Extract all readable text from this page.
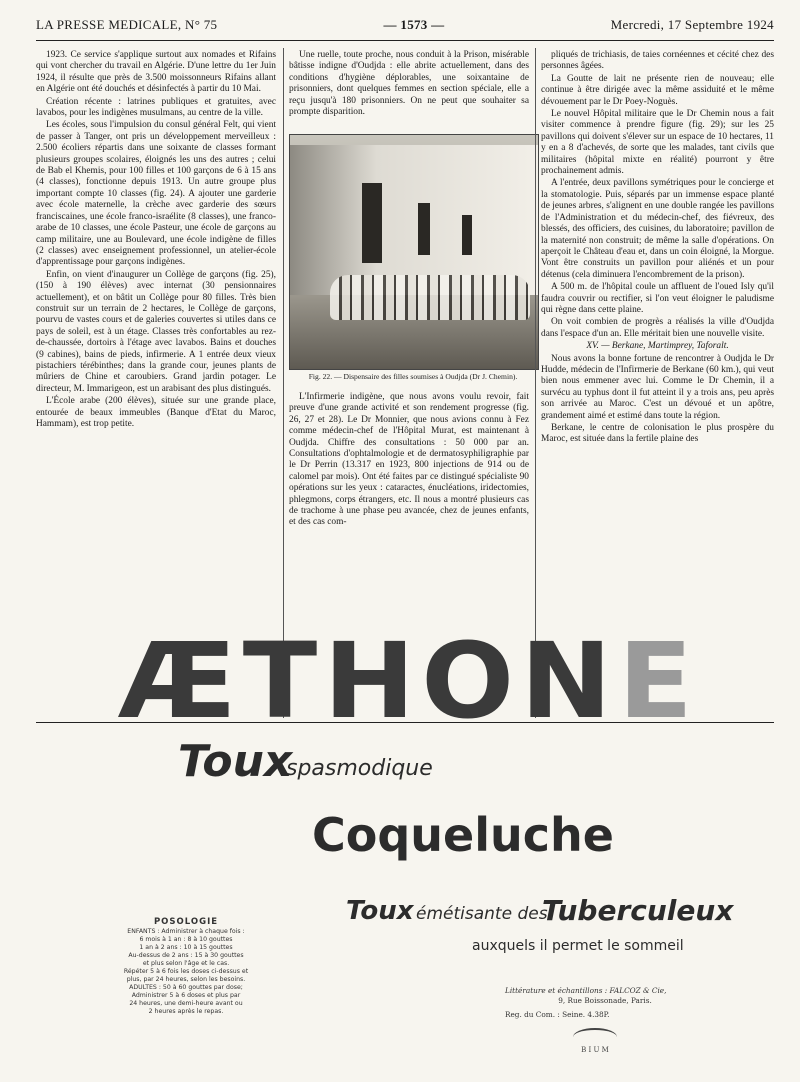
LA PRESSE MEDICALE, N° 75	— 1573 —	Mercredi, 17 Septembre 1924

1923. Ce service s'applique surtout aux nomades et Rifains qui vont chercher du travail en Algérie. D'une lettre du 1er Juin 1924, il résulte que près de 3.500 moissonneurs Rifains allant en Algérie ont été douchés et désinfectés à partir du 10 Mai.

Création récente : latrines publiques et gratuites, avec lavabos, pour les indigènes musulmans, au centre de la ville.

Les écoles, sous l'impulsion du consul général Felt, qui vient de passer à Tanger, ont pris un développement merveilleux : 2.500 écoliers répartis dans une soixante de classes formant plusieurs groupes scolaires, éloignés les uns des autres ; celui de Bab el Khemis, pour 100 filles et 100 garçons de 6 à 15 ans (4 classes), fonctionne depuis 1913. Un autre groupe plus important compte 10 classes (fig. 24). A ajouter une garderie avec école maternelle, la crèche avec garderie des sœurs franciscaines, une école franco-israélite (8 classes), une franco-arabe de 10 classes, une école Pasteur, une école de garçons au camp militaire, une au Boulevard, une école indigène de filles (2 classes) avec enseignement professionnel, un atelier-école d'apprentissage pour garçons indigènes.

Enfin, on vient d'inaugurer un Collège de garçons (fig. 25), (150 à 190 élèves) avec internat (30 pensionnaires actuellement), et on bâtit un Collège pour 80 filles. Très bien construit sur un terrain de 2 hectares, le Collège de garçons, pourvu de vastes cours et de galeries couvertes si utiles dans ce pays de soleil, est à un étage. Classes très confortables au rez-de-chaussée, dortoirs à l'étage avec lavabos. Bains et douches (9 cabines), bains de pieds, infirmerie. A 1 entrée deux vieux pistachiers térébinthes; dans la grande cour, jeunes plants de mûriers de Chine et caroubiers. Grand jardin potager. Le directeur, M. Immarigeon, est un arabisant des plus distingués.

L'École arabe (200 élèves), située sur une grande place, entourée de beaux immeubles (Banque d'Etat du Maroc, Hammam), est trop petite.

Une ruelle, toute proche, nous conduit à la Prison, misérable bâtisse indigne d'Oudjda : elle abrite actuellement, dans des conditions d'hygiène déplorables, une soixantaine de prisonniers, dont quelques femmes en section spéciale, elle a reçu jusqu'à 180 prisonniers. On ne peut que souhaiter sa prompte disparition.

Fig. 22. — Dispensaire des filles soumises à Oudjda (Dr J. Chemin).

L'Infirmerie indigène, que nous avons voulu revoir, fait preuve d'une grande activité et son rendement progresse (fig. 26, 27 et 28). Le Dr Monnier, que nous avions connu à Fez comme médecin-chef de l'Hôpital Murat, est maintenant à Oudjda. Chiffre des consultations : 50 000 par an. Consultations d'ophtalmologie et de dermatosyphiligraphie par le Dr Perrin (13.317 en 1923, 800 injections de 914 ou de calomel par mois). Ont été faites par ce distingué spécialiste 90 opérations sur les yeux : cataractes, énucléations, iridectomies, phlegmons, corps étrangers, etc. Il nous a montré plusieurs cas de trachome à une phase peu avancée, chez de jeunes enfants, et des cas com-

pliqués de trichiasis, de taies cornéennes et cécité chez des personnes âgées.

La Goutte de lait ne présente rien de nouveau; elle continue à être dirigée avec la même assiduité et le même dévouement par le Dr Poey-Noguès.

Le nouvel Hôpital militaire que le Dr Chemin nous a fait visiter commence à prendre figure (fig. 29); sur les 25 pavillons qui doivent s'élever sur un espace de 10 hectares, 11 y en a 8 d'achevés, de sorte que les malades, tant civils que militaires (hôpital mixte en réalité) pourront y être prochainement admis.

A l'entrée, deux pavillons symétriques pour le concierge et la stomatologie. Puis, séparés par un immense espace planté de jeunes arbres, s'alignent en une double rangée les pavillons de l'Administration et du médecin-chef, des fiévreux, des blessés, des officiers, des cuisines, du laboratoire; pavillon de la maternité non construit; de même la salle d'opérations. On aperçoit le Château d'eau et, dans un coin éloigné, la Morgue. Vont être construits un pavillon pour aliénés et un pour détenus (cela diminuera l'encombrement de la prison).

A 500 m. de l'hôpital coule un affluent de l'oued Isly qu'il faudra couvrir ou rectifier, si l'on veut éloigner le paludisme qui règne dans cette plaine.

On voit combien de progrès a réalisés la ville d'Oudjda dans l'espace d'un an. Elle méritait bien une nouvelle visite.

XV. — Berkane, Martimprey, Taforalt.

Nous avons la bonne fortune de rencontrer à Oudjda le Dr Hudde, médecin de l'Infirmerie de Berkane (60 km.), qui veut bien nous emmener avec lui. Comme le Dr Chemin, il a survécu au typhus dont il fut atteint il y a trois ans, peu après son arrivée au Maroc. C'est un dévoué et un apôtre, grandement aimé et estimé dans toute la région.

Berkane, le centre de colonisation le plus prospère du Maroc, est située dans la fertile plaine des

ÆTHONE
Toux
spasmodique
Coqueluche
Toux émétisante des
Tuberculeux
auxquels il permet le sommeil
POSOLOGIE
ENFANTS : Administrer à chaque fois :
6 mois à 1 an : 8 à 10 gouttes
1 an à 2 ans : 10 à 15 gouttes
Au-dessus de 2 ans : 15 à 30 gouttes
et plus selon l'âge et le cas.
Répéter 5 à 6 fois les doses ci-dessus et
plus, par 24 heures, selon les besoins.
ADULTES : 50 à 60 gouttes par dose;
Administrer 5 à 6 doses et plus par
24 heures, une demi-heure avant ou
2 heures après le repas.
Littérature et échantillons : FALCOZ & Cie,
9, Rue Boissonade, Paris.
Reg. du Com. : Seine. 4.38P.
B I U M
